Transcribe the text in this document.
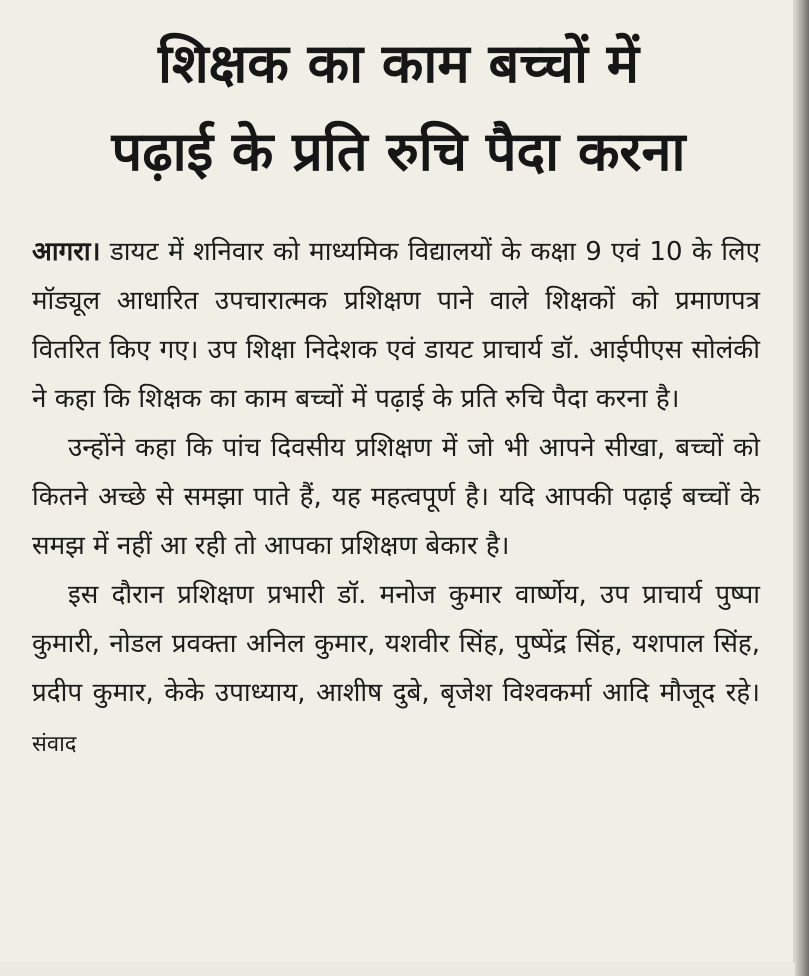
शिक्षक का काम बच्चों में
पढ़ाई के प्रति रुचि पैदा करना

आगरा। डायट में शनिवार को माध्यमिक विद्यालयों के कक्षा 9 एवं 10 के लिए मॉड्यूल आधारित उपचारात्मक प्रशिक्षण पाने वाले शिक्षकों को प्रमाणपत्र वितरित किए गए। उप शिक्षा निदेशक एवं डायट प्राचार्य डॉ. आईपीएस सोलंकी ने कहा कि शिक्षक का काम बच्चों में पढ़ाई के प्रति रुचि पैदा करना है।

उन्होंने कहा कि पांच दिवसीय प्रशिक्षण में जो भी आपने सीखा, बच्चों को कितने अच्छे से समझा पाते हैं, यह महत्वपूर्ण है। यदि आपकी पढ़ाई बच्चों के समझ में नहीं आ रही तो आपका प्रशिक्षण बेकार है।

इस दौरान प्रशिक्षण प्रभारी डॉ. मनोज कुमार वार्ष्णेय, उप प्राचार्य पुष्पा कुमारी, नोडल प्रवक्ता अनिल कुमार, यशवीर सिंह, पुष्पेंद्र सिंह, यशपाल सिंह, प्रदीप कुमार, केके उपाध्याय, आशीष दुबे, बृजेश विश्वकर्मा आदि मौजूद रहे। संवाद
